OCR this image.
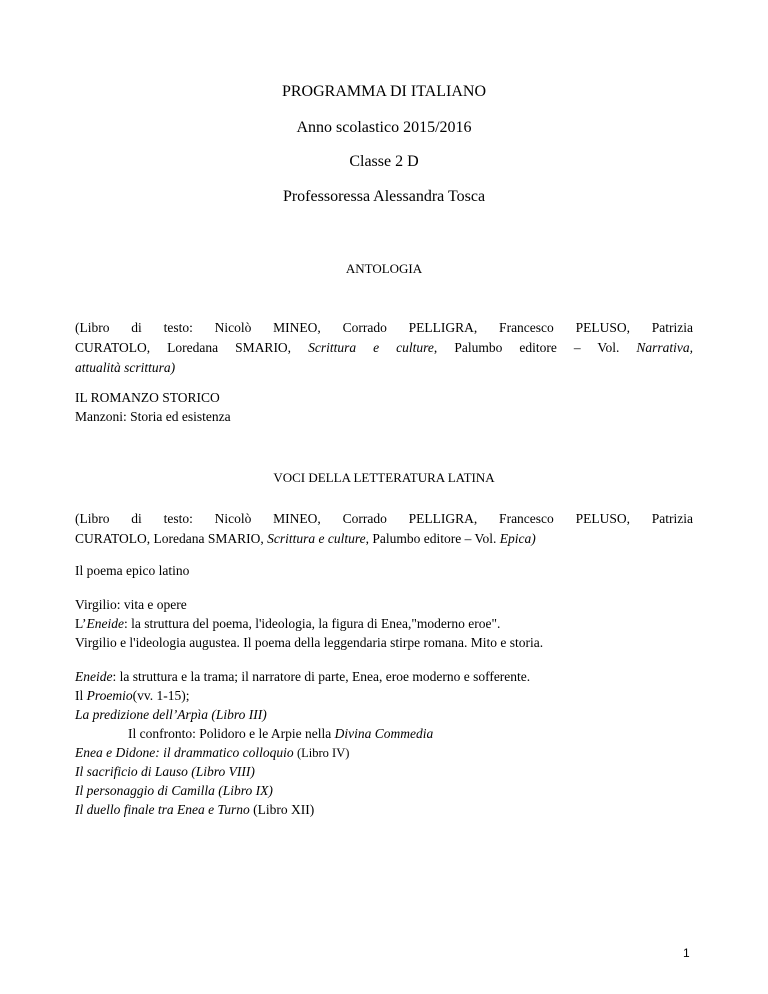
PROGRAMMA DI ITALIANO
Anno scolastico 2015/2016
Classe 2 D
Professoressa Alessandra Tosca
ANTOLOGIA
(Libro di testo: Nicolò MINEO, Corrado PELLIGRA, Francesco PELUSO, Patrizia
CURATOLO, Loredana SMARIO, Scrittura e culture, Palumbo editore – Vol. Narrativa,
attualità scrittura)
IL ROMANZO STORICO
Manzoni: Storia ed esistenza
VOCI DELLA LETTERATURA LATINA
(Libro di testo: Nicolò MINEO, Corrado PELLIGRA, Francesco PELUSO, Patrizia
CURATOLO, Loredana SMARIO, Scrittura e culture, Palumbo editore – Vol. Epica)
Il poema epico latino
Virgilio: vita e opere
L’Eneide: la struttura del poema, l'ideologia, la figura di Enea,"moderno eroe".
Virgilio e l'ideologia augustea. Il poema della leggendaria stirpe romana. Mito e storia.
Eneide: la struttura e la trama; il narratore di parte, Enea, eroe moderno e sofferente.
Il Proemio(vv. 1-15);
La predizione dell’Arpìa (Libro III)
Il confronto: Polidoro e le Arpie nella Divina Commedia
Enea e Didone: il drammatico colloquio (Libro IV)
Il sacrificio di Lauso (Libro VIII)
Il personaggio di Camilla (Libro IX)
Il duello finale tra Enea e Turno (Libro XII)
1
